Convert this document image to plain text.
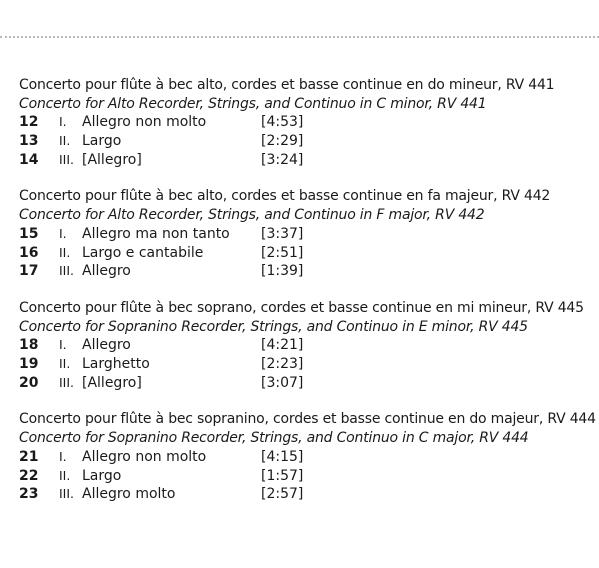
Concerto pour flûte à bec alto, cordes et basse continue en do mineur, RV 441
Concerto for Alto Recorder, Strings, and Continuo in C minor, RV 441
12 I. Allegro non molto	[4:53]
13 II. Largo	[2:29]
14 III. [Allegro]	[3:24]
Concerto pour flûte à bec alto, cordes et basse continue en fa majeur, RV 442
Concerto for Alto Recorder, Strings, and Continuo in F major, RV 442
15 I. Allegro ma non tanto [3:37]
16 II. Largo e cantabile	[2:51]
17 III. Allegro	[1:39]
Concerto pour flûte à bec soprano, cordes et basse continue en mi mineur, RV 445
Concerto for Sopranino Recorder, Strings, and Continuo in E minor, RV 445
18 I. Allegro	[4:21]
19 II. Larghetto	[2:23]
20 III. [Allegro]	[3:07]
Concerto pour flûte à bec sopranino, cordes et basse continue en do majeur, RV 444
Concerto for Sopranino Recorder, Strings, and Continuo in C major, RV 444
21 I. Allegro non molto	[4:15]
22 II. Largo	[1:57]
23 III. Allegro molto	[2:57]
